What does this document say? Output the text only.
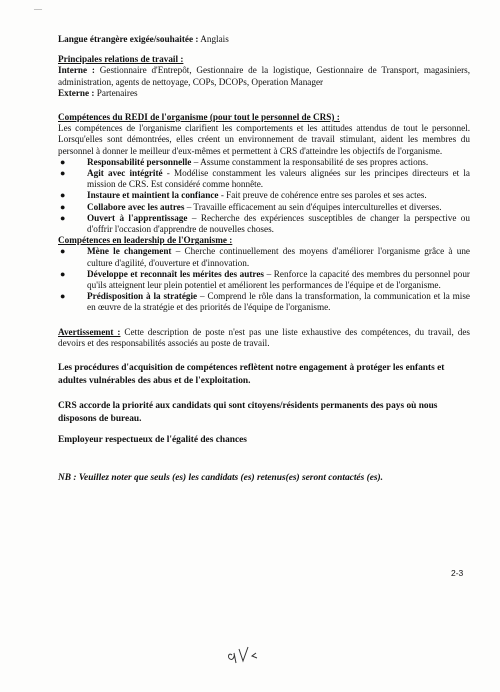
—

Langue étrangère exigée/souhaitée : Anglais

Principales relations de travail :

Interne : Gestionnaire d'Entrepôt, Gestionnaire de la logistique, Gestionnaire de Transport, magasiniers, administration, agents de nettoyage, COPs, DCOPs, Operation Manager

Externe : Partenaires

Compétences du REDI de l'organisme (pour tout le personnel de CRS) :

Les compétences de l'organisme clarifient les comportements et les attitudes attendus de tout le personnel. Lorsqu'elles sont démontrées, elles créent un environnement de travail stimulant, aident les membres du personnel à donner le meilleur d'eux-mêmes et permettent à CRS d'atteindre les objectifs de l'organisme.

● Responsabilité personnelle – Assume constamment la responsabilité de ses propres actions.
● Agit avec intégrité - Modélise constamment les valeurs alignées sur les principes directeurs et la mission de CRS. Est considéré comme honnête.
● Instaure et maintient la confiance - Fait preuve de cohérence entre ses paroles et ses actes.
● Collabore avec les autres – Travaille efficacement au sein d'équipes interculturelles et diverses.
● Ouvert à l'apprentissage – Recherche des expériences susceptibles de changer la perspective ou d'offrir l'occasion d'apprendre de nouvelles choses.
Compétences en leadership de l'Organisme :
● Mène le changement – Cherche continuellement des moyens d'améliorer l'organisme grâce à une culture d'agilité, d'ouverture et d'innovation.
● Développe et reconnaît les mérites des autres – Renforce la capacité des membres du personnel pour qu'ils atteignent leur plein potentiel et améliorent les performances de l'équipe et de l'organisme.
● Prédisposition à la stratégie – Comprend le rôle dans la transformation, la communication et la mise en œuvre de la stratégie et des priorités de l'équipe de l'organisme.

Avertissement : Cette description de poste n'est pas une liste exhaustive des compétences, du travail, des devoirs et des responsabilités associés au poste de travail.

Les procédures d'acquisition de compétences reflètent notre engagement à protéger les enfants et adultes vulnérables des abus et de l'exploitation.

CRS accorde la priorité aux candidats qui sont citoyens/résidents permanents des pays où nous disposons de bureau.

Employeur respectueux de l'égalité des chances

NB : Veuillez noter que seuls (es) les candidats (es) retenus(es) seront contactés (es).

2-3
